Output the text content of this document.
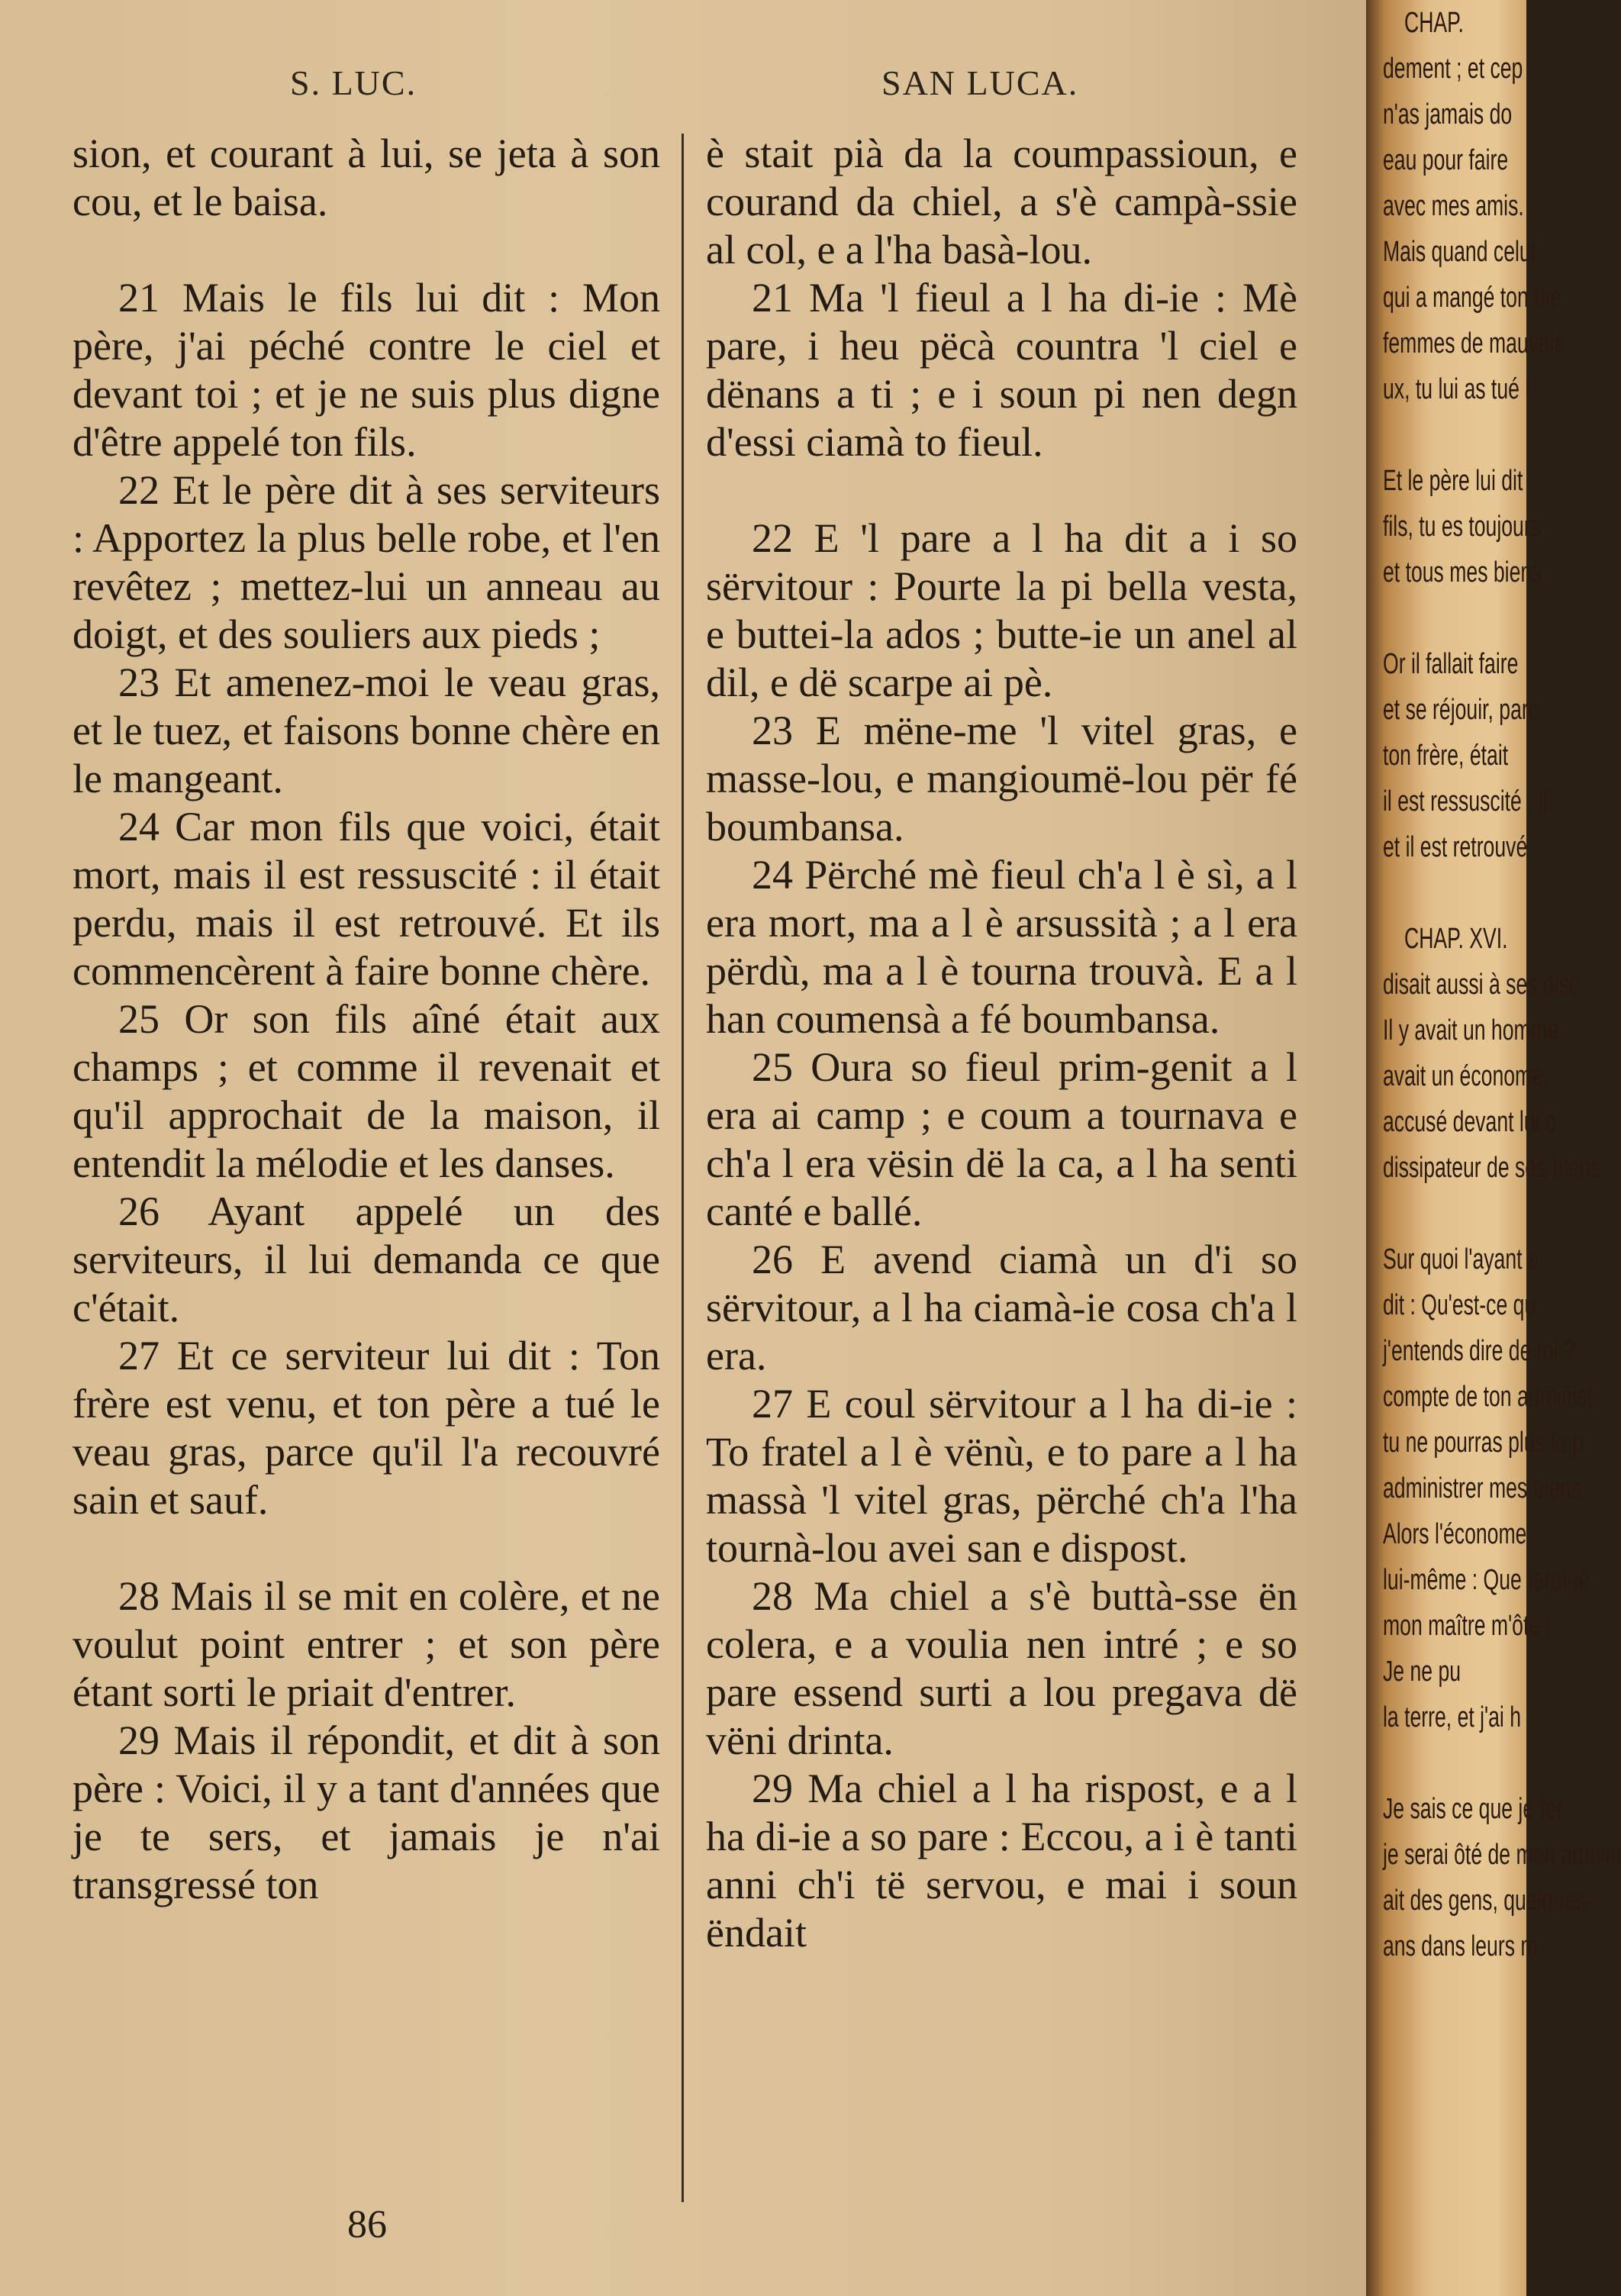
S. LUC.	SAN LUCA.

sion, et courant à lui, se jeta à son cou, et le baisa.

21 Mais le fils lui dit : Mon père, j'ai péché contre le ciel et devant toi ; et je ne suis plus digne d'être appelé ton fils.

22 Et le père dit à ses serviteurs : Apportez la plus belle robe, et l'en revêtez ; mettez-lui un anneau au doigt, et des souliers aux pieds ;

23 Et amenez-moi le veau gras, et le tuez, et faisons bonne chère en le mangeant.

24 Car mon fils que voici, était mort, mais il est ressuscité : il était perdu, mais il est retrouvé. Et ils commencèrent à faire bonne chère.

25 Or son fils aîné était aux champs ; et comme il revenait et qu'il approchait de la maison, il entendit la mélodie et les danses.

26 Ayant appelé un des serviteurs, il lui demanda ce que c'était.

27 Et ce serviteur lui dit : Ton frère est venu, et ton père a tué le veau gras, parce qu'il l'a recouvré sain et sauf.

28 Mais il se mit en colère, et ne voulut point entrer ; et son père étant sorti le priait d'entrer.

29 Mais il répondit, et dit à son père : Voici, il y a tant d'années que je te sers, et jamais je n'ai transgressé ton

è stait pià da la coumpassioun, e courand da chiel, a s'è campà-ssie al col, e a l'ha basà-lou.

21 Ma 'l fieul a l ha di-ie : Mè pare, i heu pëcà countra 'l ciel e dënans a ti ; e i soun pi nen degn d'essi ciamà to fieul.

22 E 'l pare a l ha dit a i so sërvitour : Pourte la pi bella vesta, e buttei-la ados ; butte-ie un anel al dil, e dë scarpe ai pè.

23 E mëne-me 'l vitel gras, e masse-lou, e mangioumë-lou për fé boumbansa.

24 Përché mè fieul ch'a l è sì, a l era mort, ma a l è arsussità ; a l era përdù, ma a l è tourna trouvà. E a l han coumensà a fé boumbansa.

25 Oura so fieul prim-genit a l era ai camp ; e coum a tournava e ch'a l era vësin dë la ca, a l ha senti canté e ballé.

26 E avend ciamà un d'i so sërvitour, a l ha ciamà-ie cosa ch'a l era.

27 E coul sërvitour a l ha di-ie : To fratel a l è vënù, e to pare a l ha massà 'l vitel gras, përché ch'a l'ha tournà-lou avei san e dispost.

28 Ma chiel a s'è buttà-sse ën colera, e a voulia nen intré ; e so pare essend surti a lou pregava dë vëni drinta.

29 Ma chiel a l ha rispost, e a l ha di-ie a so pare : Eccou, a i è tanti anni ch'i të servou, e mai i soun ëndait

86
CHAP.
dement ; et cep
n'as jamais do
eau pour faire
avec mes amis.
Mais quand celui
qui a mangé ton bie
femmes de mauvais
ux, tu lui as tué l
Et le père lui dit :
fils, tu es toujours
et tous mes biens
Or il fallait faire
et se réjouir, parc
ton frère, était
il est ressuscité ; il
et il est retrouvé.
CHAP. XVI.
disait aussi à ses disc
Il y avait un homme
avait un économe,
accusé devant lui c
dissipateur de ses biens.
Sur quoi l'ayant a
dit : Qu'est-ce qu
j'entends dire de toi ?
compte de ton administ
tu ne pourras plus le p
administrer mes biens
Alors l'économe
lui-même : Que ferai-je
mon maître m'ôte l
Je ne pu
la terre, et j'ai h
Je sais ce que je fer
je serai ôté de mon admini
ait des gens, quelques-
ans dans leurs m
